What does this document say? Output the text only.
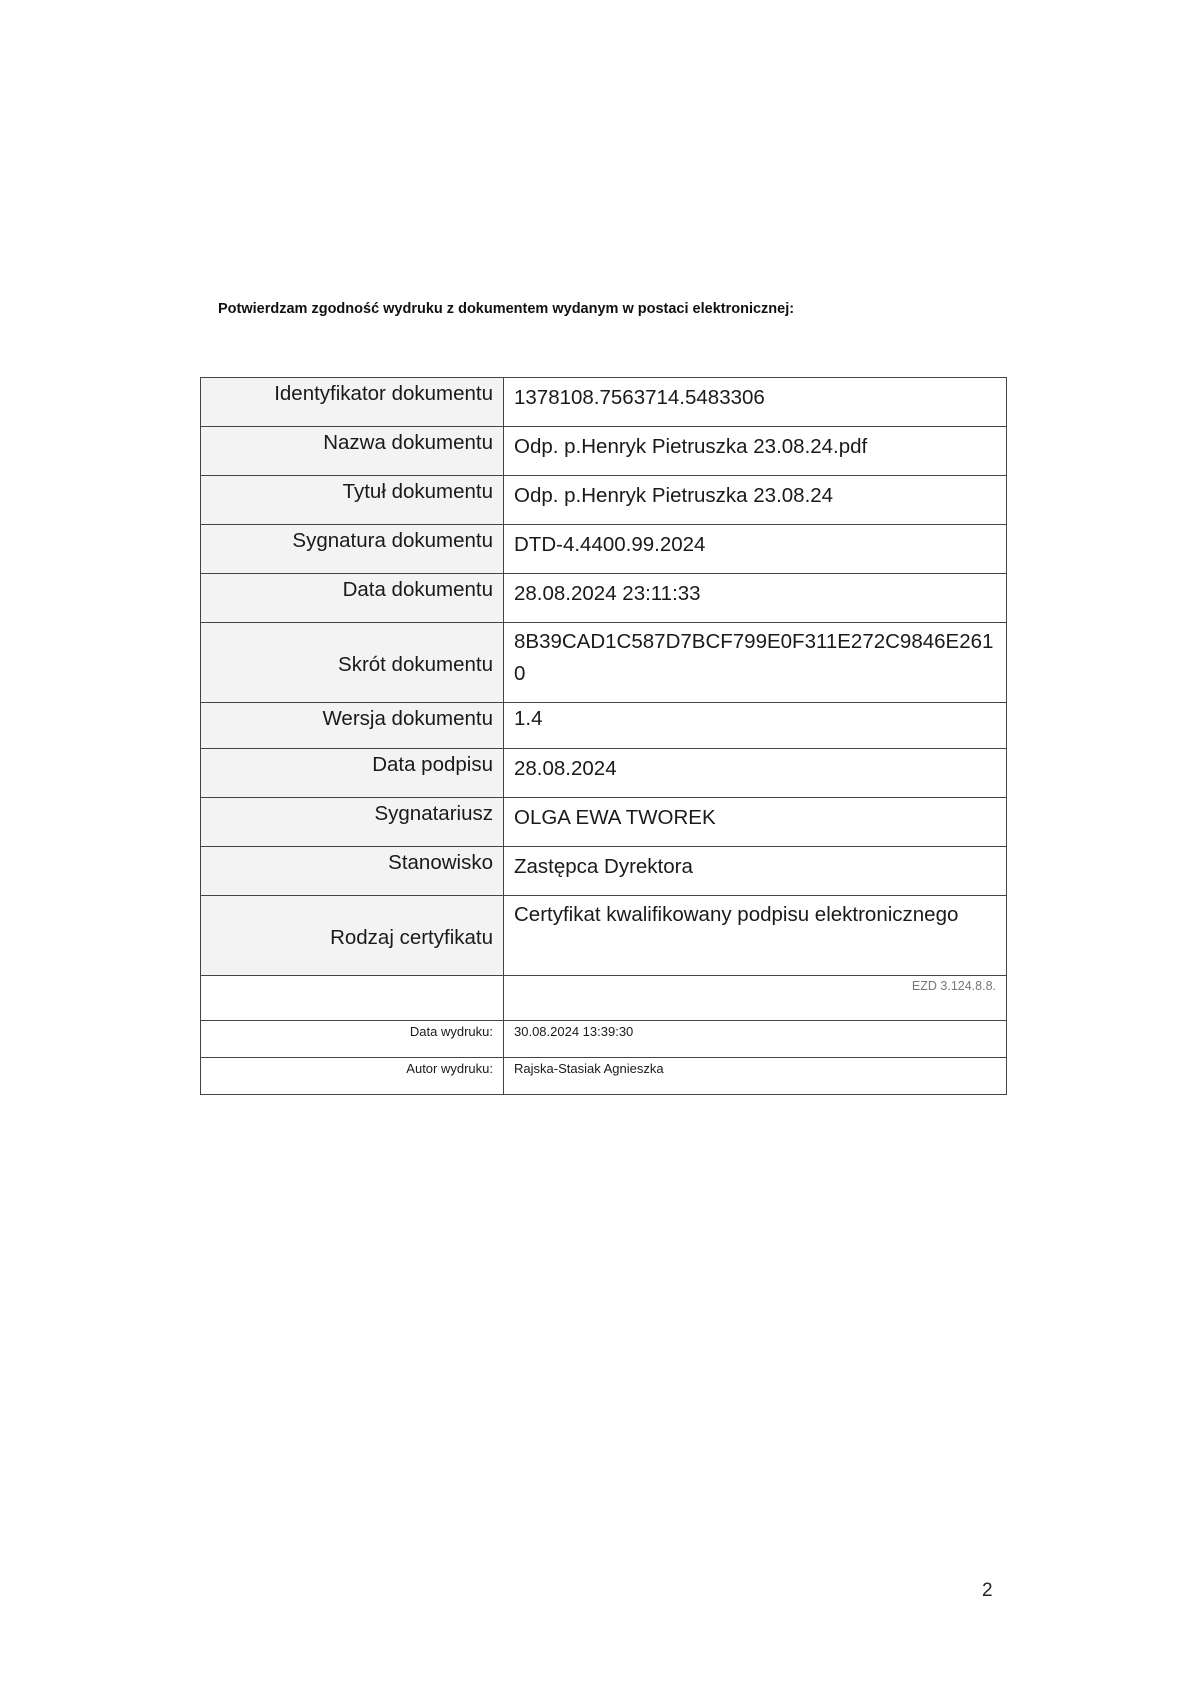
Potwierdzam zgodność wydruku z dokumentem wydanym w postaci elektronicznej:
Identyfikator dokumentu	1378108.7563714.5483306
Nazwa dokumentu	Odp. p.Henryk Pietruszka 23.08.24.pdf
Tytuł dokumentu	Odp. p.Henryk Pietruszka 23.08.24
Sygnatura dokumentu	DTD-4.4400.99.2024
Data dokumentu	28.08.2024 23:11:33
Skrót dokumentu	8B39CAD1C587D7BCF799E0F311E272C9846E2610
Wersja dokumentu	1.4
Data podpisu	28.08.2024
Sygnatariusz	OLGA EWA TWOREK
Stanowisko	Zastępca Dyrektora
Rodzaj certyfikatu	Certyfikat kwalifikowany podpisu elektronicznego
	EZD 3.124.8.8.
Data wydruku:	30.08.2024 13:39:30
Autor wydruku:	Rajska-Stasiak Agnieszka
2
